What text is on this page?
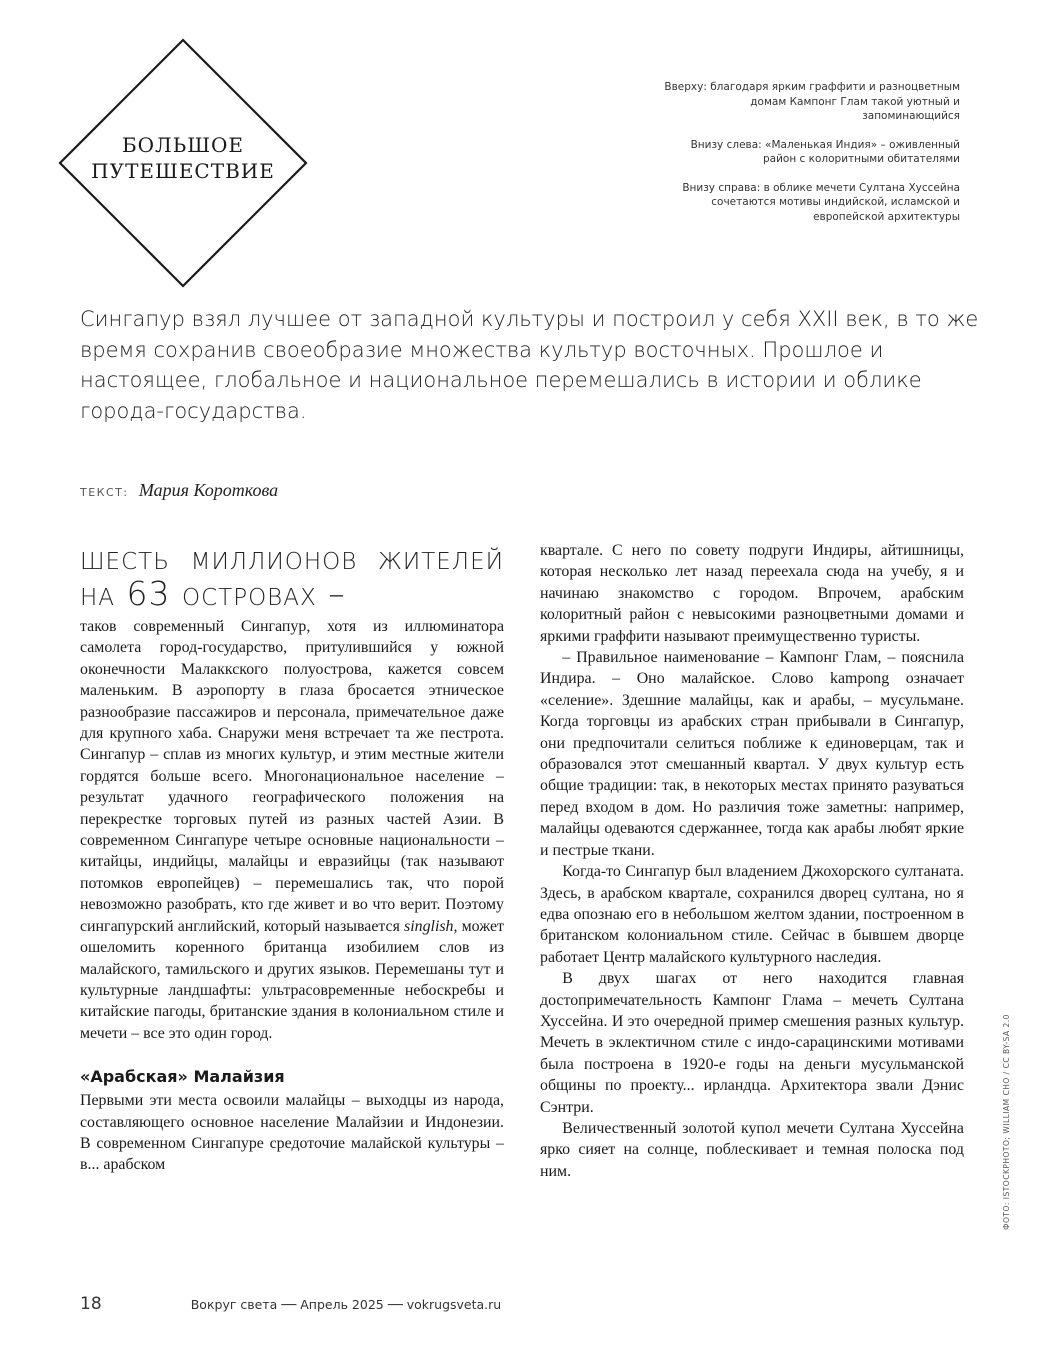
БОЛЬШОЕ
ПУТЕШЕСТВИЕ

Вверху: благодаря ярким граффити и разноцветным домам Кампонг Глам такой уютный и запоминающийся

Внизу слева: «Маленькая Индия» – оживленный район с колоритными обитателями

Внизу справа: в облике мечети Султана Хуссейна сочетаются мотивы индийской, исламской и европейской архитектуры

Сингапур взял лучшее от западной культуры и построил у себя XXII век, в то же время сохранив своеобразие множества культур восточных. Прошлое и настоящее, глобальное и национальное перемешались в истории и облике города-государства.
ТЕКСТ: Мария Короткова
шесть миллионов жителей на 63 островах –

таков современный Сингапур, хотя из иллюминатора самолета город-государство, притулившийся у южной оконечности Малаккского полуострова, кажется совсем маленьким. В аэропорту в глаза бросается этническое разнообразие пассажиров и персонала, примечательное даже для крупного хаба. Снаружи меня встречает та же пестрота. Сингапур – сплав из многих культур, и этим местные жители гордятся больше всего. Многонациональное население – результат удачного географического положения на перекрестке торговых путей из разных частей Азии. В современном Сингапуре четыре основные национальности – китайцы, индийцы, малайцы и евразийцы (так называют потомков европейцев) – перемешались так, что порой невозможно разобрать, кто где живет и во что верит. Поэтому сингапурский английский, который называется singlish, может ошеломить коренного британца изобилием слов из малайского, тамильского и других языков. Перемешаны тут и культурные ландшафты: ультрасовременные небоскребы и китайские пагоды, британские здания в колониальном стиле и мечети – все это один город.

«Арабская» Малайзия

Первыми эти места освоили малайцы – выходцы из народа, составляющего основное население Малайзии и Индонезии. В современном Сингапуре средоточие малайской культуры – в... арабском

квартале. С него по совету подруги Индиры, айтишницы, которая несколько лет назад переехала сюда на учебу, я и начинаю знакомство с городом. Впрочем, арабским колоритный район с невысокими разноцветными домами и яркими граффити называют преимущественно туристы.

– Правильное наименование – Кампонг Глам, – пояснила Индира. – Оно малайское. Слово kampong означает «селение». Здешние малайцы, как и арабы, – мусульмане. Когда торговцы из арабских стран прибывали в Сингапур, они предпочитали селиться поближе к единоверцам, так и образовался этот смешанный квартал. У двух культур есть общие традиции: так, в некоторых местах принято разуваться перед входом в дом. Но различия тоже заметны: например, малайцы одеваются сдержаннее, тогда как арабы любят яркие и пестрые ткани.

Когда-то Сингапур был владением Джохорского султаната. Здесь, в арабском квартале, сохранился дворец султана, но я едва опознаю его в небольшом желтом здании, построенном в британском колониальном стиле. Сейчас в бывшем дворце работает Центр малайского культурного наследия.

В двух шагах от него находится главная достопримечательность Кампонг Глама – мечеть Султана Хуссейна. И это очередной пример смешения разных культур. Мечеть в эклектичном стиле с индо-сарацинскими мотивами была построена в 1920-е годы на деньги мусульманской общины по проекту... ирландца. Архитектора звали Дэнис Сэнтри.

Величественный золотой купол мечети Султана Хуссейна ярко сияет на солнце, поблескивает и темная полоска под ним.	ФОТО: ISTOCKPHOTO; WILLIAM CHO / CC BY-SA 2.0
18	Вокруг света ── Апрель 2025 ── vokrugsveta.ru
